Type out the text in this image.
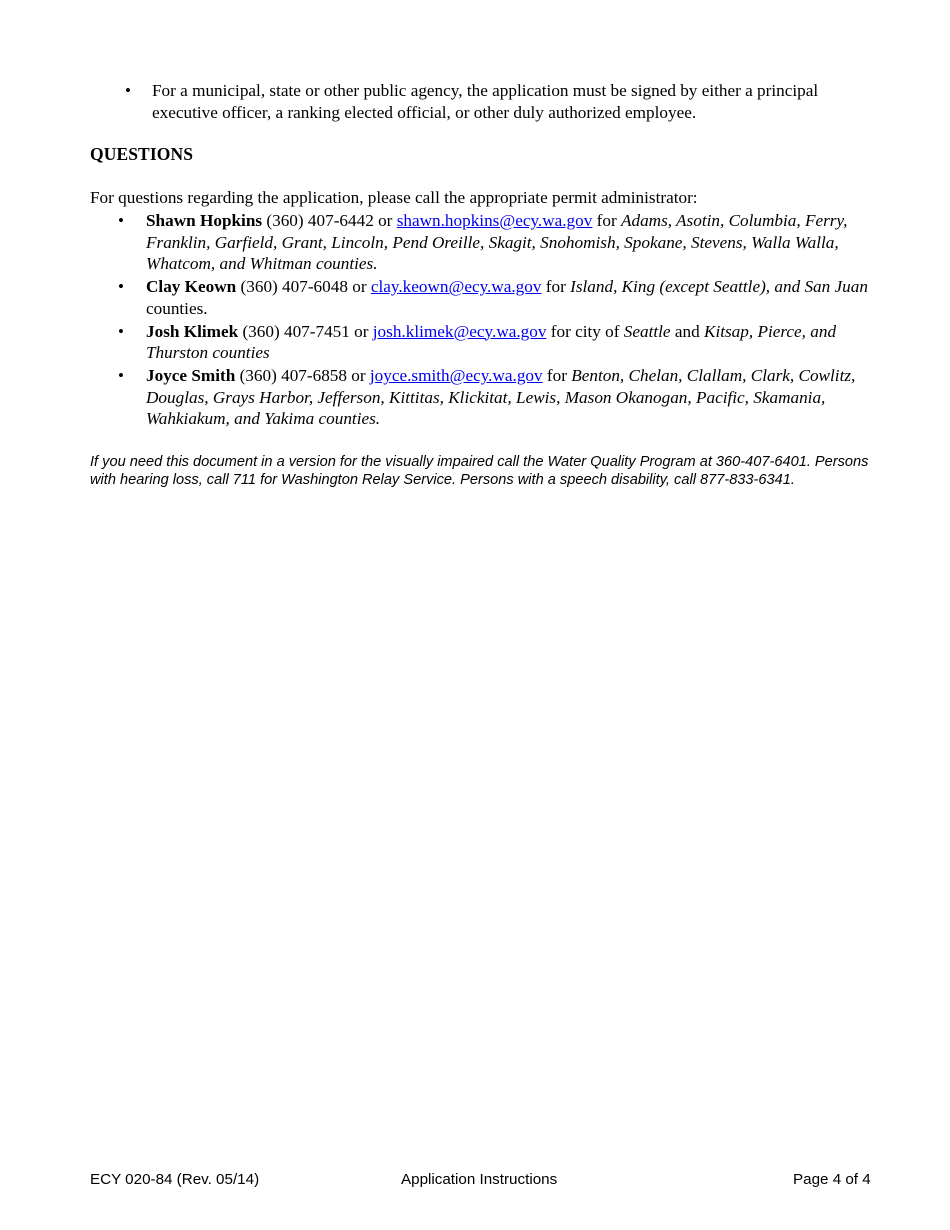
• For a municipal, state or other public agency, the application must be signed by either a principal executive officer, a ranking elected official, or other duly authorized employee.
QUESTIONS
For questions regarding the application, please call the appropriate permit administrator:
• Shawn Hopkins (360) 407-6442 or shawn.hopkins@ecy.wa.gov for Adams, Asotin, Columbia, Ferry, Franklin, Garfield, Grant, Lincoln, Pend Oreille, Skagit, Snohomish, Spokane, Stevens, Walla Walla, Whatcom, and Whitman counties.
• Clay Keown (360) 407-6048 or clay.keown@ecy.wa.gov for Island, King (except Seattle), and San Juan counties.
• Josh Klimek (360) 407-7451 or josh.klimek@ecy.wa.gov for city of Seattle and Kitsap, Pierce, and Thurston counties
• Joyce Smith (360) 407-6858 or joyce.smith@ecy.wa.gov for Benton, Chelan, Clallam, Clark, Cowlitz, Douglas, Grays Harbor, Jefferson, Kittitas, Klickitat, Lewis, Mason Okanogan, Pacific, Skamania, Wahkiakum, and Yakima counties.
If you need this document in a version for the visually impaired call the Water Quality Program at 360-407-6401. Persons with hearing loss, call 711 for Washington Relay Service. Persons with a speech disability, call 877-833-6341.
ECY 020-84 (Rev. 05/14)	Application Instructions	Page 4 of 4
